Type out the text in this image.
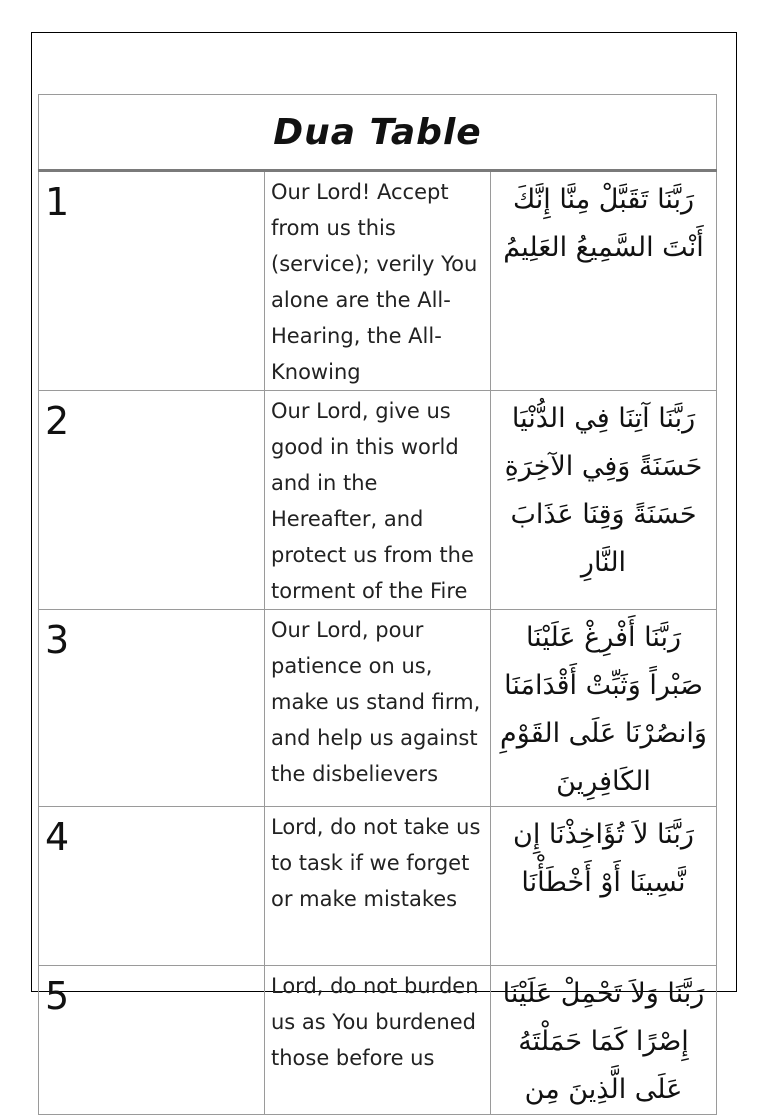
Dua Table		
1	Our Lord! Accept from us this (service); verily You alone are the All-Hearing, the All-Knowing	رَبَّنَا تَقَبَّلْ مِنَّا إِنَّكَ أَنْتَ السَّمِيعُ العَلِيمُ
2	Our Lord, give us good in this world and in the Hereafter, and protect us from the torment of the Fire	رَبَّنَا آتِنَا فِي الدُّنْيَا حَسَنَةً وَفِي الآخِرَةِ حَسَنَةً وَقِنَا عَذَابَ النَّارِ
3	Our Lord, pour patience on us, make us stand firm, and help us against the disbelievers	رَبَّنَا أَفْرِغْ عَلَيْنَا صَبْراً وَثَبِّتْ أَقْدَامَنَا وَانصُرْنَا عَلَى القَوْمِ الكَافِرِينَ
4	Lord, do not take us to task if we forget or make mistakes	رَبَّنَا لاَ تُؤَاخِذْنَا إِن نَّسِينَا أَوْ أَخْطَأْنَا
5	Lord, do not burden us as You burdened those before us	رَبَّنَا وَلاَ تَحْمِلْ عَلَيْنَا إِصْرًا كَمَا حَمَلْتَهُ عَلَى الَّذِينَ مِن
